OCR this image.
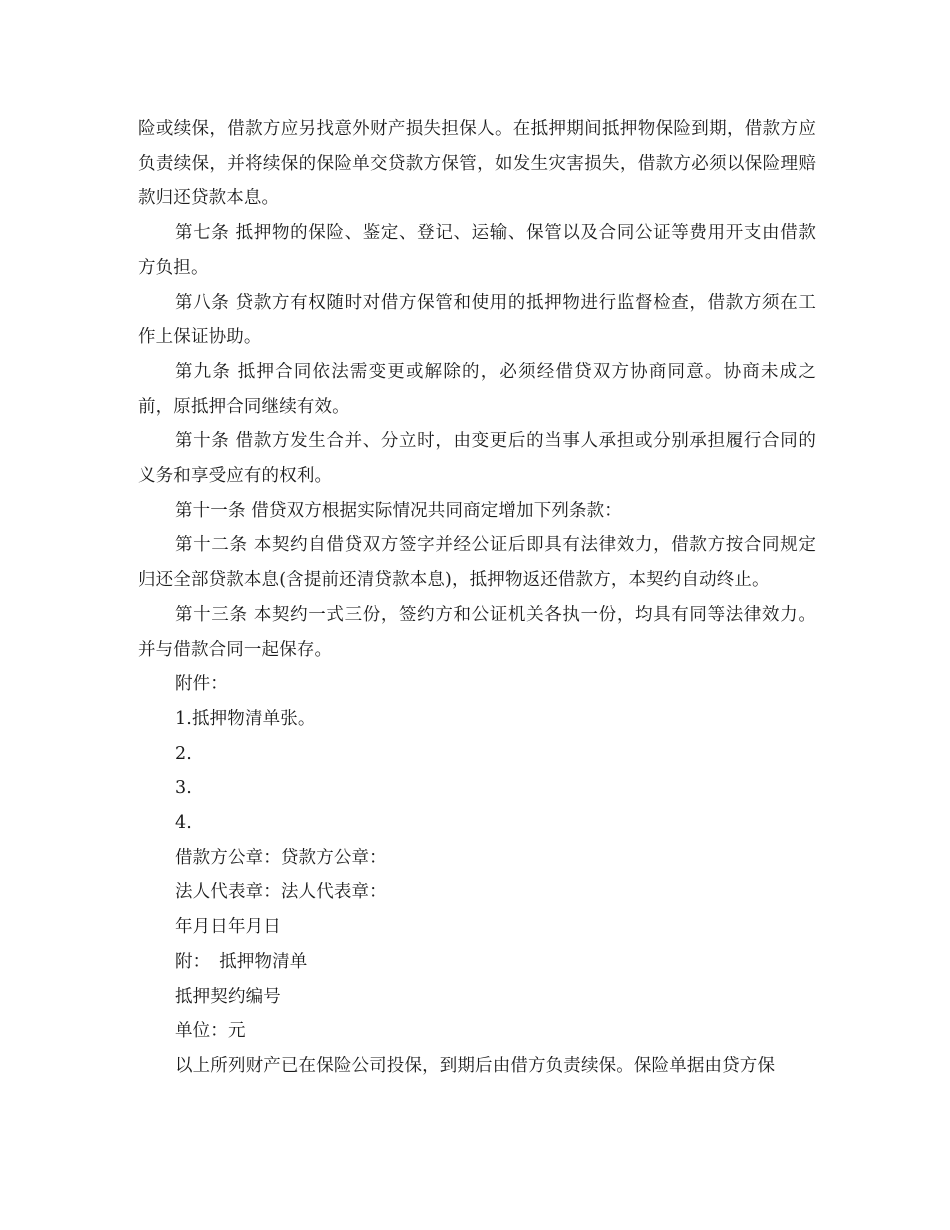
险或续保，借款方应另找意外财产损失担保人。在抵押期间抵押物保险到期，借款方应负责续保，并将续保的保险单交贷款方保管，如发生灾害损失，借款方必须以保险理赔款归还贷款本息。

第七条 抵押物的保险、鉴定、登记、运输、保管以及合同公证等费用开支由借款方负担。

第八条 贷款方有权随时对借方保管和使用的抵押物进行监督检查，借款方须在工作上保证协助。

第九条 抵押合同依法需变更或解除的，必须经借贷双方协商同意。协商未成之前，原抵押合同继续有效。

第十条 借款方发生合并、分立时，由变更后的当事人承担或分别承担履行合同的义务和享受应有的权利。

第十一条 借贷双方根据实际情况共同商定增加下列条款：

第十二条 本契约自借贷双方签字并经公证后即具有法律效力，借款方按合同规定归还全部贷款本息(含提前还清贷款本息)，抵押物返还借款方，本契约自动终止。

第十三条 本契约一式三份，签约方和公证机关各执一份，均具有同等法律效力。并与借款合同一起保存。

附件：

1.抵押物清单张。

2.

3.

4.

借款方公章：贷款方公章：

法人代表章：法人代表章：

年月日年月日

附：　抵押物清单

抵押契约编号

单位：元

以上所列财产已在保险公司投保，到期后由借方负责续保。保险单据由贷方保
